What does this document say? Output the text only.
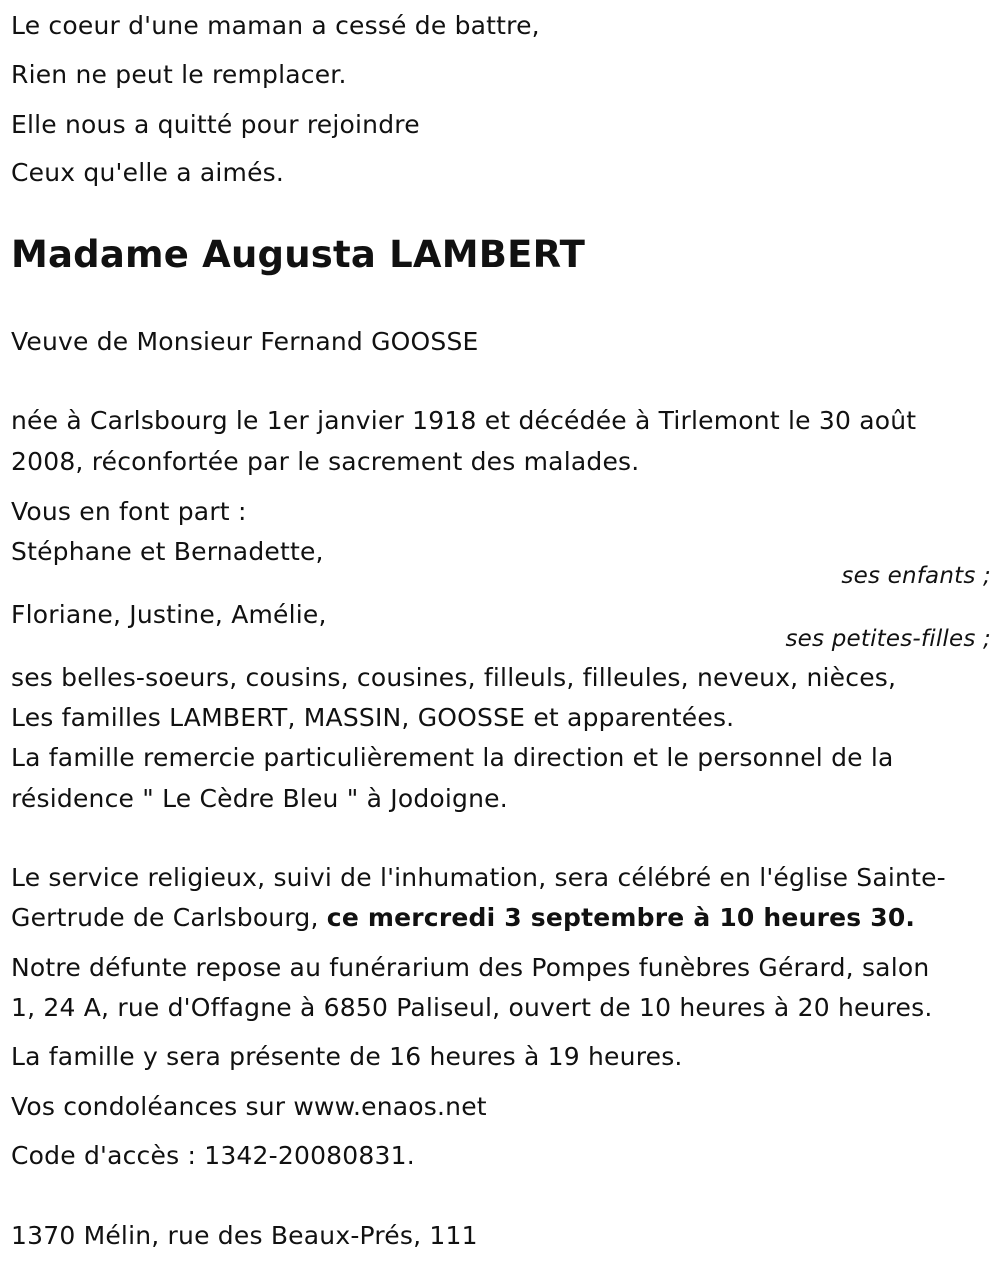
Le coeur d'une maman a cessé de battre,
Rien ne peut le remplacer.
Elle nous a quitté pour rejoindre
Ceux qu'elle a aimés.
Madame Augusta LAMBERT
Veuve de Monsieur Fernand GOOSSE
née à Carlsbourg le 1er janvier 1918 et décédée à Tirlemont le 30 août
2008, réconfortée par le sacrement des malades.
Vous en font part :
Stéphane et Bernadette,
ses enfants ;
Floriane, Justine, Amélie,
ses petites-filles ;
ses belles-soeurs, cousins, cousines, filleuls, filleules, neveux, nièces,
Les familles LAMBERT, MASSIN, GOOSSE et apparentées.
La famille remercie particulièrement la direction et le personnel de la
résidence " Le Cèdre Bleu " à Jodoigne.
Le service religieux, suivi de l'inhumation, sera célébré en l'église Sainte-
Gertrude de Carlsbourg, ce mercredi 3 septembre à 10 heures 30.
Notre défunte repose au funérarium des Pompes funèbres Gérard, salon
1, 24 A, rue d'Offagne à 6850 Paliseul, ouvert de 10 heures à 20 heures.
La famille y sera présente de 16 heures à 19 heures.
Vos condoléances sur www.enaos.net
Code d'accès : 1342-20080831.
1370 Mélin, rue des Beaux-Prés, 111
